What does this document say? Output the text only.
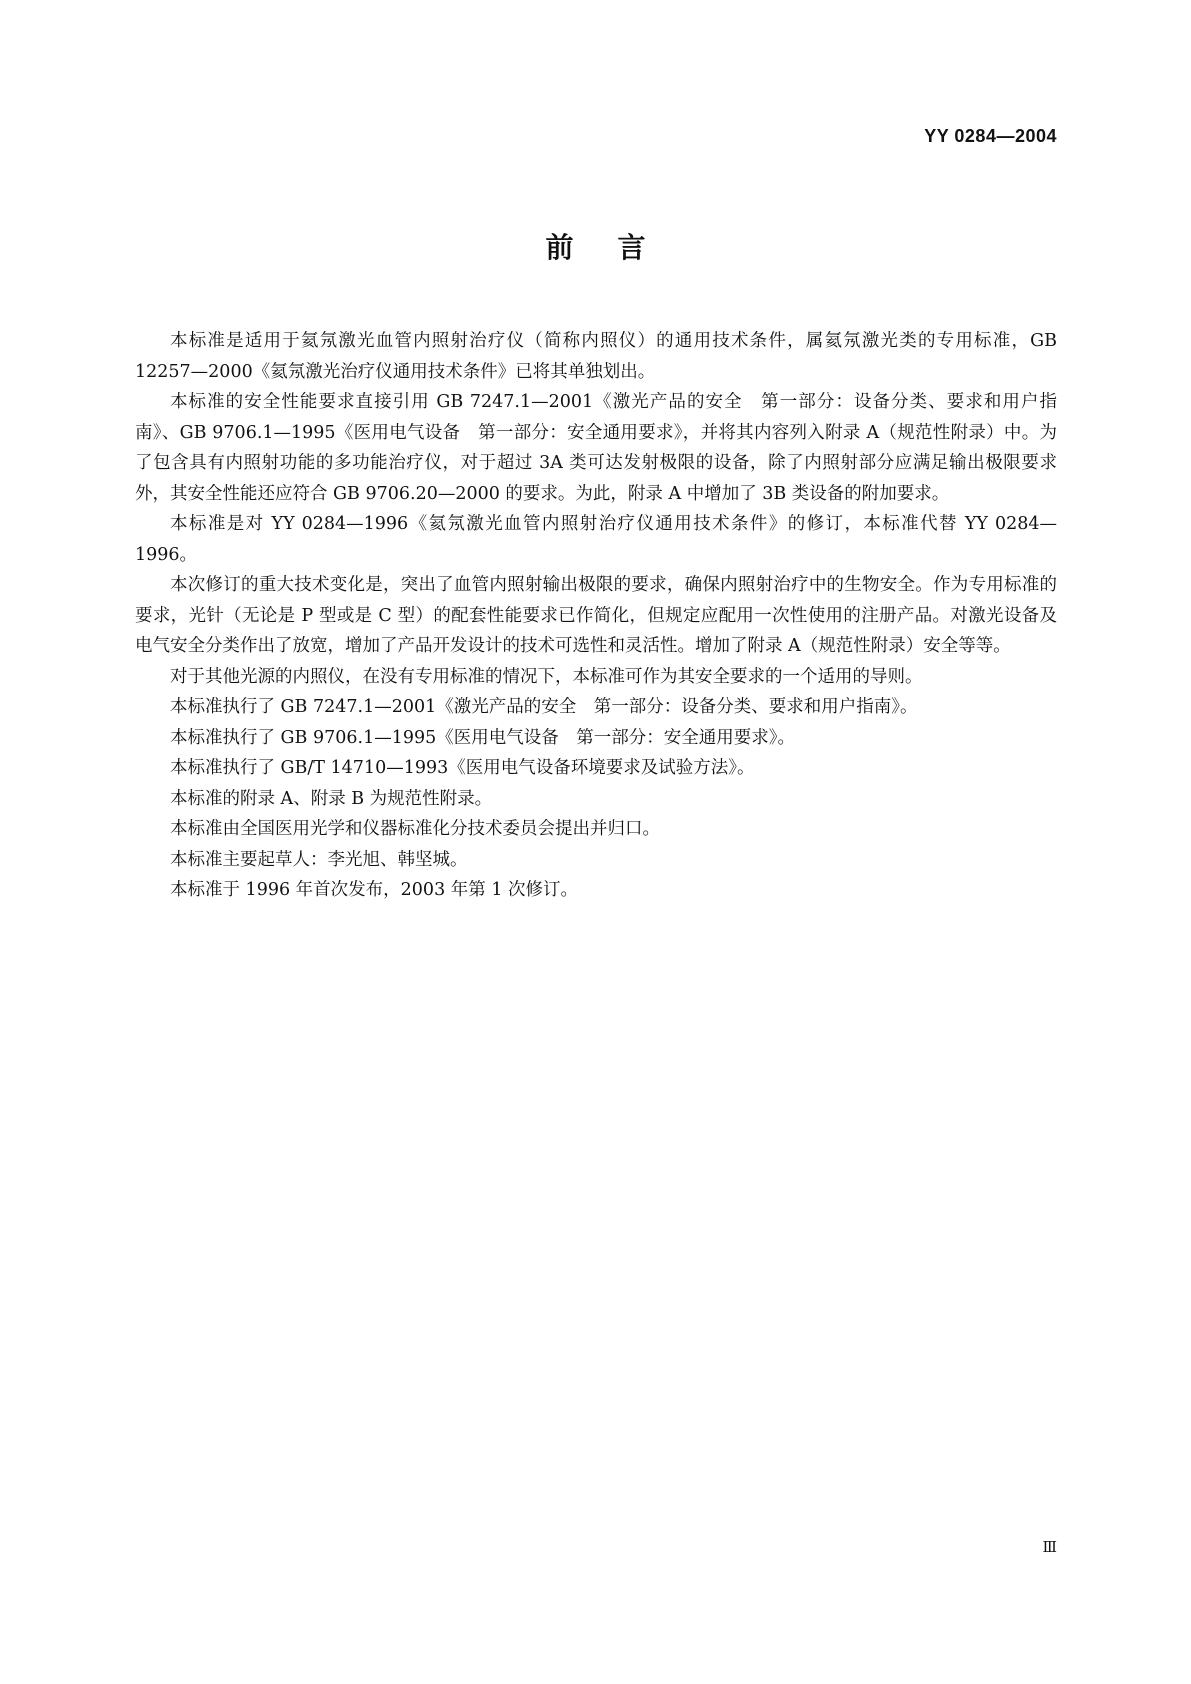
YY 0284—2004
前言

本标准是适用于氦氖激光血管内照射治疗仪（简称内照仪）的通用技术条件，属氦氖激光类的专用标准，GB 12257—2000《氦氖激光治疗仪通用技术条件》已将其单独划出。

本标准的安全性能要求直接引用 GB 7247.1—2001《激光产品的安全　第一部分：设备分类、要求和用户指南》、GB 9706.1—1995《医用电气设备　第一部分：安全通用要求》，并将其内容列入附录 A（规范性附录）中。为了包含具有内照射功能的多功能治疗仪，对于超过 3A 类可达发射极限的设备，除了内照射部分应满足输出极限要求外，其安全性能还应符合 GB 9706.20—2000 的要求。为此，附录 A 中增加了 3B 类设备的附加要求。

本标准是对 YY 0284—1996《氦氖激光血管内照射治疗仪通用技术条件》的修订，本标准代替 YY 0284—1996。

本次修订的重大技术变化是，突出了血管内照射输出极限的要求，确保内照射治疗中的生物安全。作为专用标准的要求，光针（无论是 P 型或是 C 型）的配套性能要求已作简化，但规定应配用一次性使用的注册产品。对激光设备及电气安全分类作出了放宽，增加了产品开发设计的技术可选性和灵活性。增加了附录 A（规范性附录）安全等等。

对于其他光源的内照仪，在没有专用标准的情况下，本标准可作为其安全要求的一个适用的导则。

本标准执行了 GB 7247.1—2001《激光产品的安全　第一部分：设备分类、要求和用户指南》。

本标准执行了 GB 9706.1—1995《医用电气设备　第一部分：安全通用要求》。

本标准执行了 GB/T 14710—1993《医用电气设备环境要求及试验方法》。

本标准的附录 A、附录 B 为规范性附录。

本标准由全国医用光学和仪器标准化分技术委员会提出并归口。

本标准主要起草人：李光旭、韩坚城。

本标准于 1996 年首次发布，2003 年第 1 次修订。

Ⅲ
